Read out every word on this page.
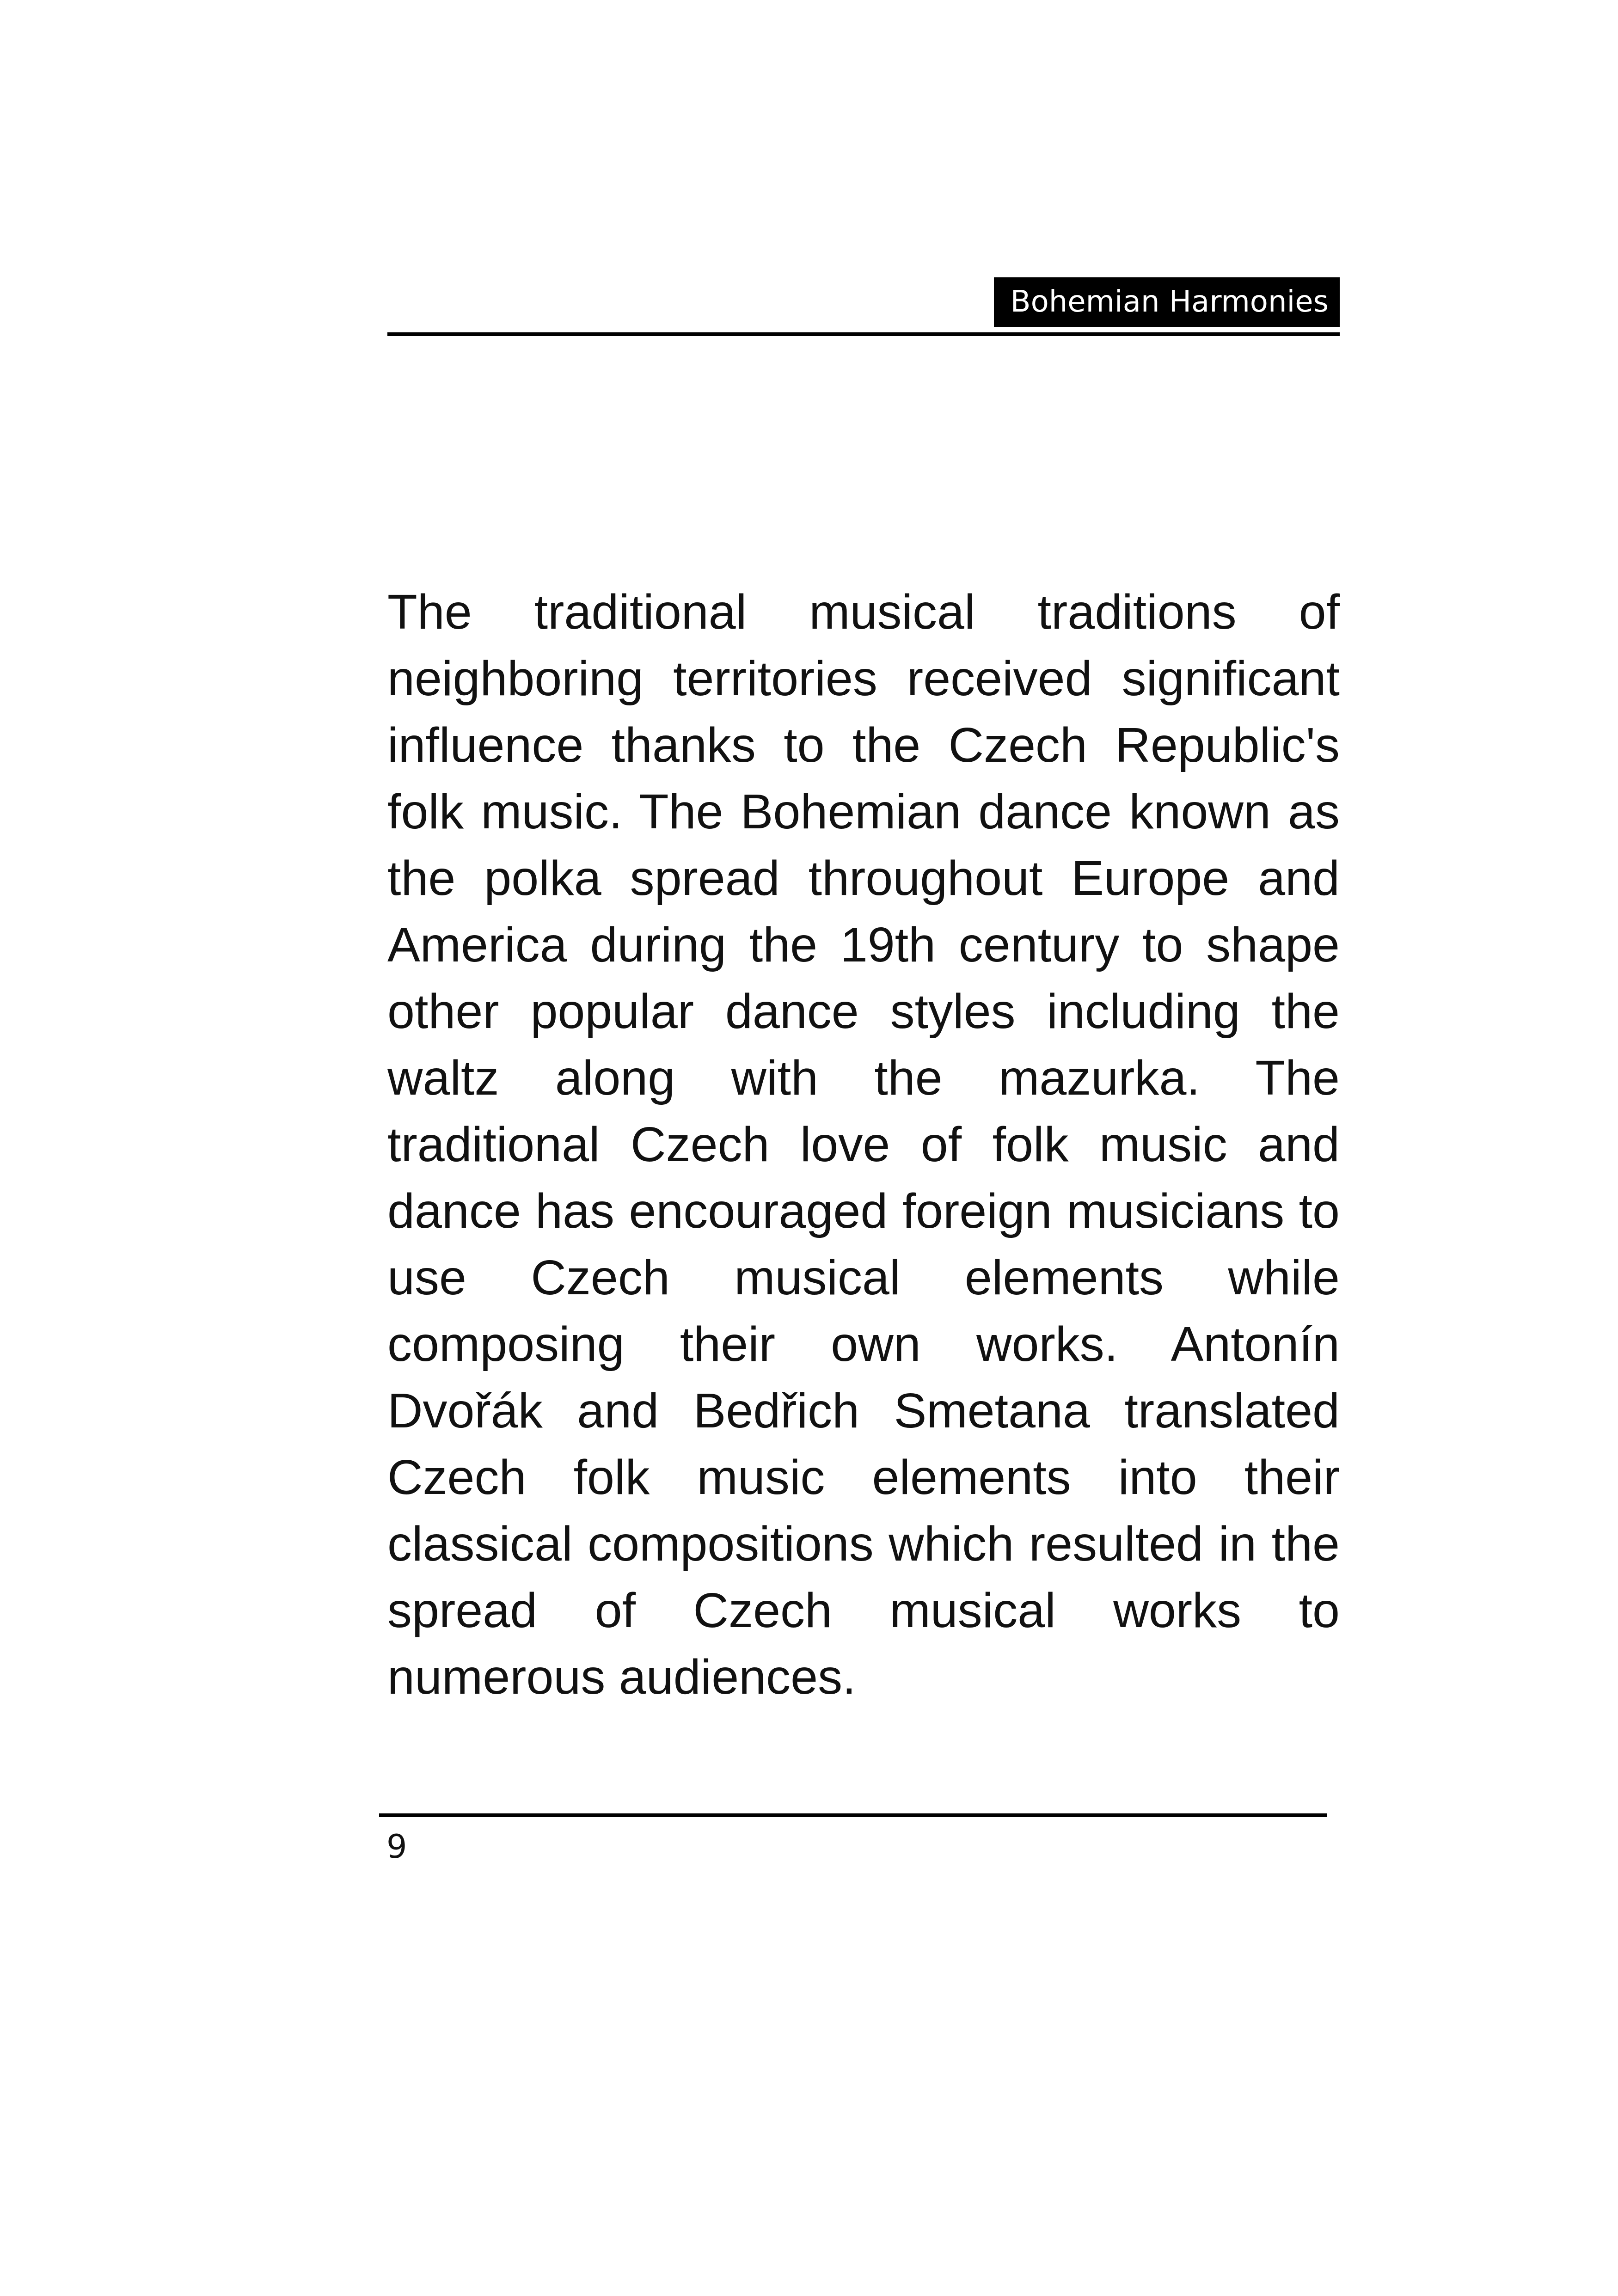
Bohemian Harmonies

The traditional musical traditions of neighboring territories received significant influence thanks to the Czech Republic's folk music. The Bohemian dance known as the polka spread throughout Europe and America during the 19th century to shape other popular dance styles including the waltz along with the mazurka. The traditional Czech love of folk music and dance has encouraged foreign musicians to use Czech musical elements while composing their own works. Antonín Dvořák and Bedřich Smetana translated Czech folk music elements into their classical compositions which resulted in the spread of Czech musical works to numerous audiences.

9
